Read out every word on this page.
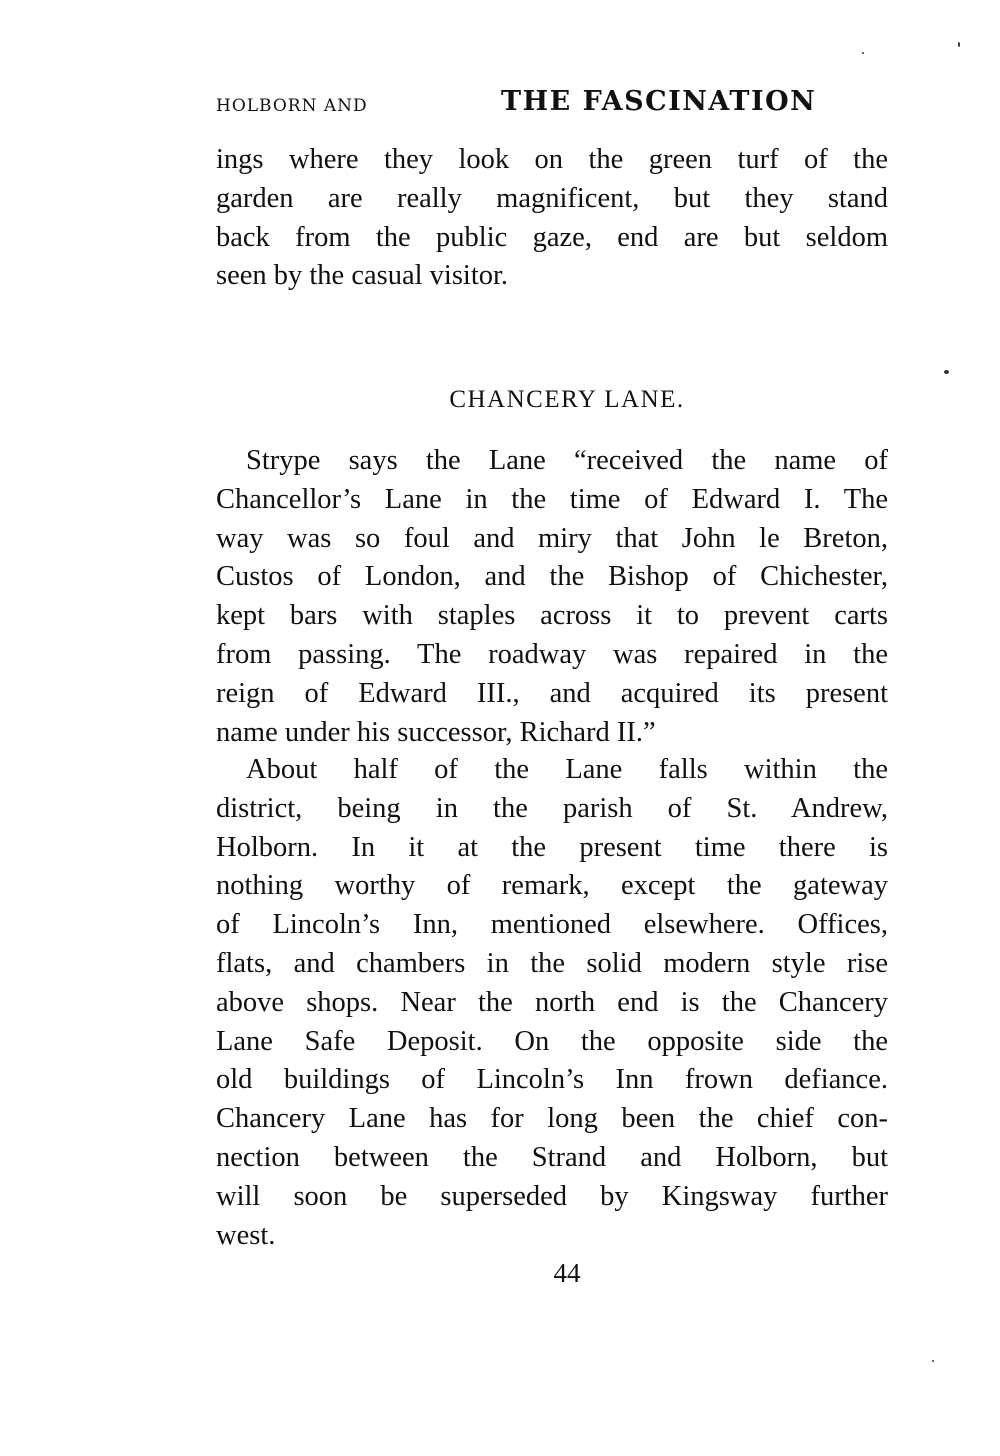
HOLBORN AND	THE FASCINATION
ings where they look on the green turf of the
garden are really magnificent, but they stand
back from the public gaze, end are but seldom
seen by the casual visitor.
CHANCERY LANE.
Strype says the Lane “received the name of
Chancellor’s Lane in the time of Edward I. The
way was so foul and miry that John le Breton,
Custos of London, and the Bishop of Chichester,
kept bars with staples across it to prevent carts
from passing. The roadway was repaired in the
reign of Edward III., and acquired its present
name under his successor, Richard II.”
About half of the Lane falls within the
district, being in the parish of St. Andrew,
Holborn. In it at the present time there is
nothing worthy of remark, except the gateway
of Lincoln’s Inn, mentioned elsewhere. Offices,
flats, and chambers in the solid modern style rise
above shops. Near the north end is the Chancery
Lane Safe Deposit. On the opposite side the
old buildings of Lincoln’s Inn frown defiance.
Chancery Lane has for long been the chief con-
nection between the Strand and Holborn, but
will soon be superseded by Kingsway further
west.
44
